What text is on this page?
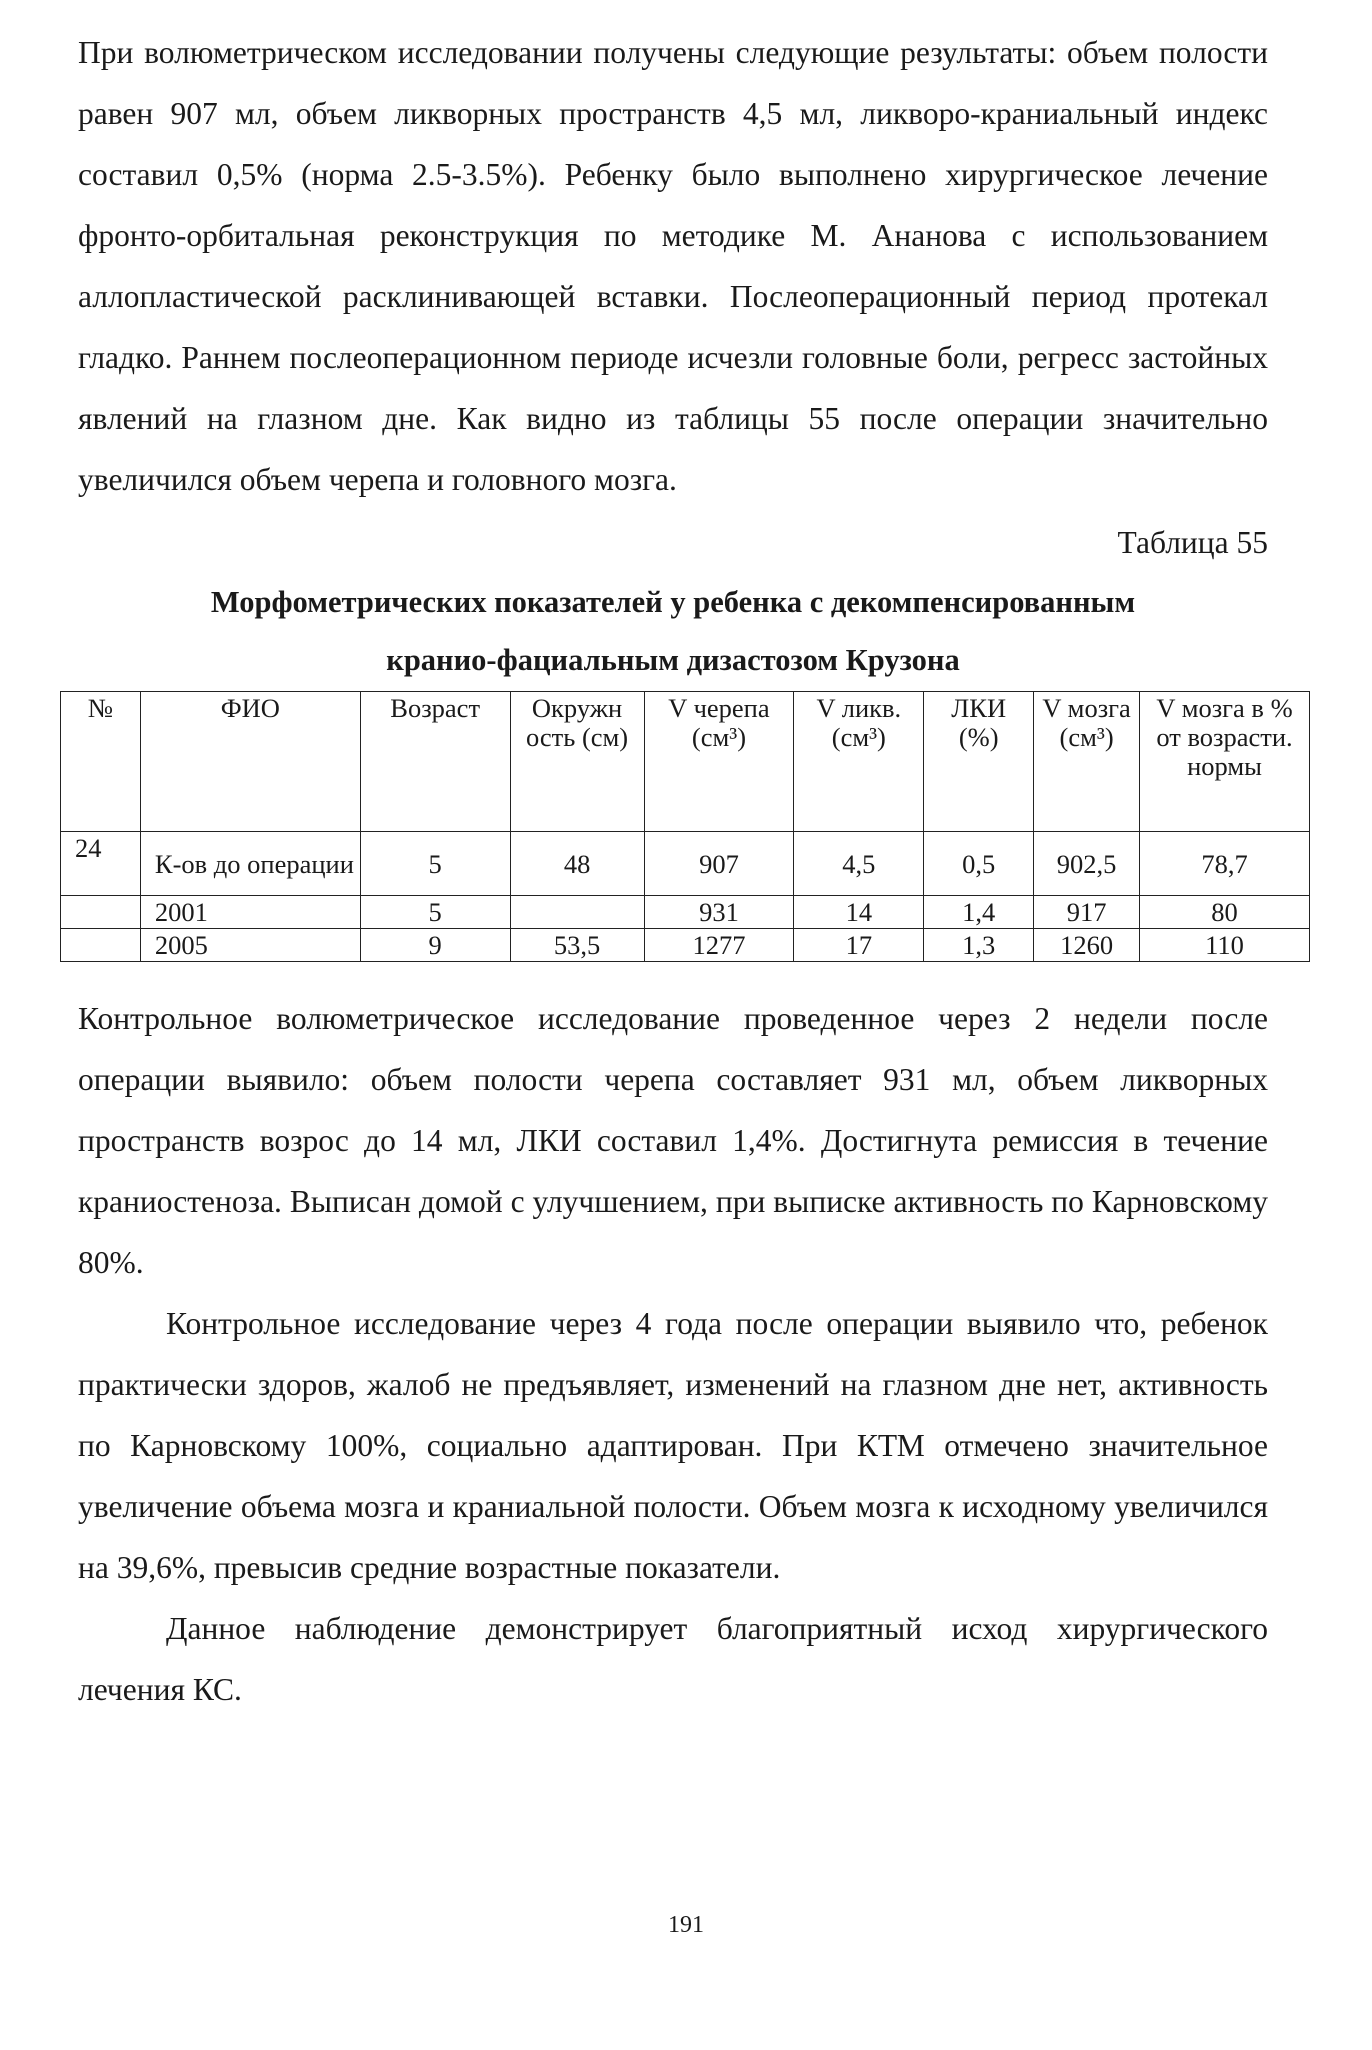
При волюметрическом исследовании получены следующие результаты: объем полости равен 907 мл, объем ликворных пространств 4,5 мл, ликворо-краниальный индекс составил 0,5% (норма 2.5-3.5%). Ребенку было выполнено хирургическое лечение фронто-орбитальная реконструкция по методике М. Ананова с использованием аллопластической расклинивающей вставки. Послеоперационный период протекал гладко. Раннем послеоперационном периоде исчезли головные боли, регресс застойных явлений на глазном дне. Как видно из таблицы 55 после операции значительно увеличился объем черепа и головного мозга.

Таблица 55

Морфометрических показателей у ребенка с декомпенсированным

кранио-фациальным дизастозом Крузона

№	ФИО	Возраст	Окружн ость (см)	V черепа (см³)	V ликв. (см³)	ЛКИ (%)	V мозга (см³)	V мозга в % от возрасти. нормы
24	К-ов до операции	5	48	907	4,5	0,5	902,5	78,7
	2001	5		931	14	1,4	917	80
	2005	9	53,5	1277	17	1,3	1260	110

Контрольное волюметрическое исследование проведенное через 2 недели после операции выявило: объем полости черепа составляет 931 мл, объем ликворных пространств возрос до 14 мл, ЛКИ составил 1,4%. Достигнута ремиссия в течение краниостеноза. Выписан домой с улучшением, при выписке активность по Карновскому 80%.

Контрольное исследование через 4 года после операции выявило что, ребенок практически здоров, жалоб не предъявляет, изменений на глазном дне нет, активность по Карновскому 100%, социально адаптирован. При КТМ отмечено значительное увеличение объема мозга и краниальной полости. Объем мозга к исходному увеличился на 39,6%, превысив средние возрастные показатели.

Данное наблюдение демонстрирует благоприятный исход хирургического лечения КС.

191
